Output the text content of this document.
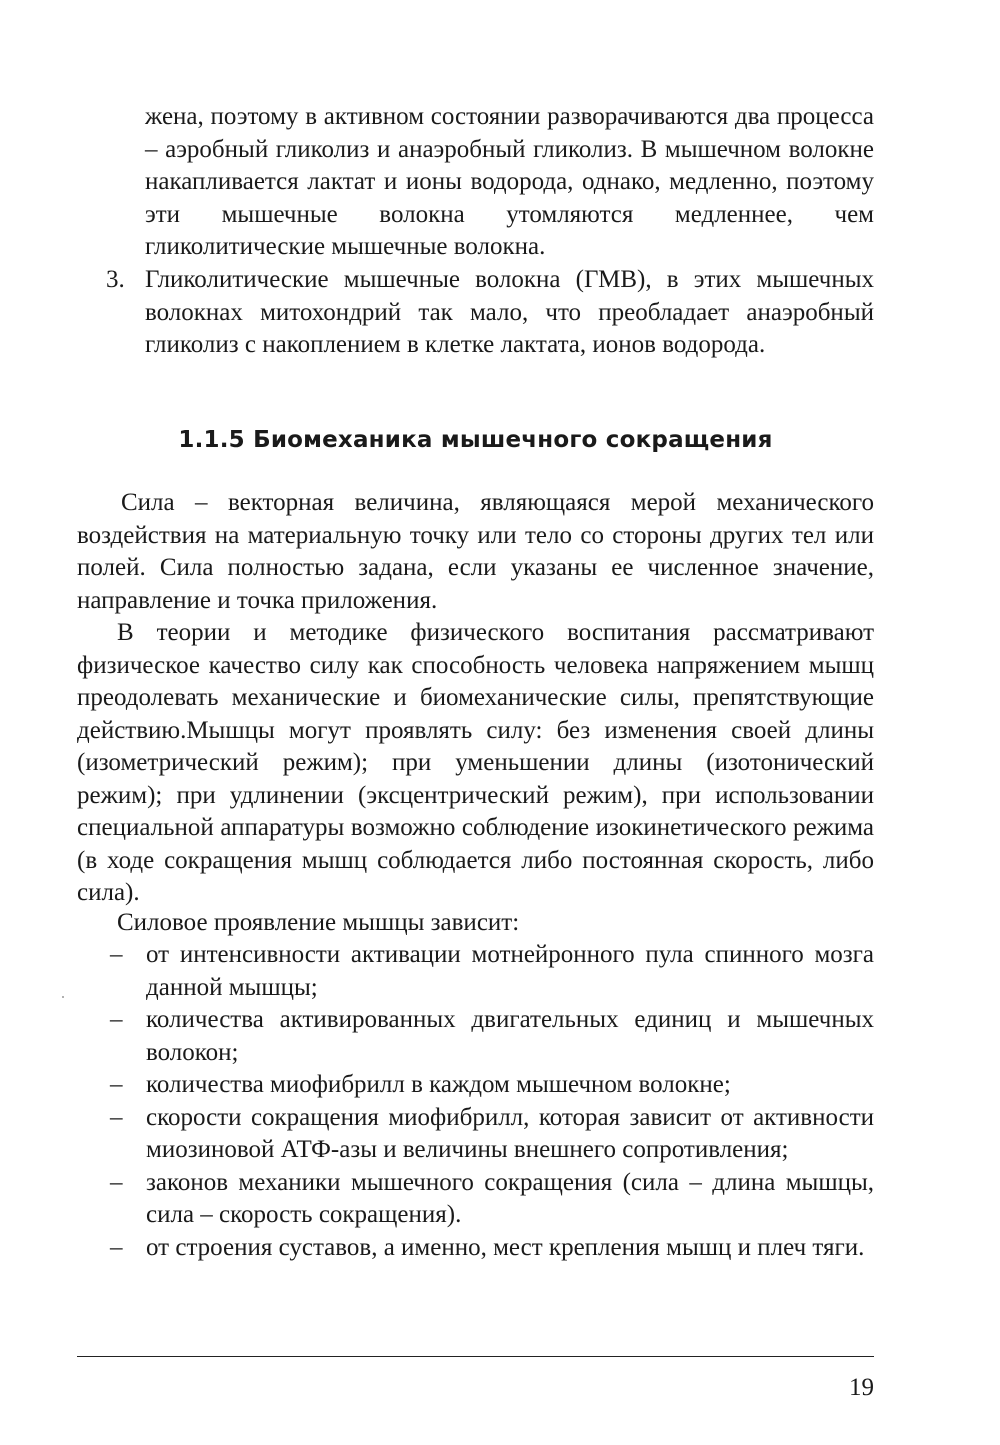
жена, поэтому в активном состоянии разворачиваются два процесса – аэробный гликолиз и анаэробный гликолиз. В мышечном волокне накапливается лактат и ионы водорода, однако, медленно, поэтому эти мышечные волокна утомляются медленнее, чем гликолитические мышечные волокна.
3. Гликолитические мышечные волокна (ГМВ), в этих мышечных волокнах митохондрий так мало, что преобладает анаэробный гликолиз с накоплением в клетке лактата, ионов водорода.
1.1.5 Биомеханика мышечного сокращения
Сила – векторная величина, являющаяся мерой механического воздействия на материальную точку или тело со стороны других тел или полей. Сила полностью задана, если указаны ее численное значение, направление и точка приложения.
В теории и методике физического воспитания рассматривают физическое качество силу как способность человека напряжением мышц преодолевать механические и биомеханические силы, препятствующие действию.Мышцы могут проявлять силу: без изменения своей длины (изометрический режим); при уменьшении длины (изотонический режим); при удлинении (эксцентрический режим), при использовании специальной аппаратуры возможно соблюдение изокинетического режима (в ходе сокращения мышц соблюдается либо постоянная скорость, либо сила).
Силовое проявление мышцы зависит:
– от интенсивности активации мотнейронного пула спинного мозга данной мышцы;
– количества активированных двигательных единиц и мышечных волокон;
– количества миофибрилл в каждом мышечном волокне;
– скорости сокращения миофибрилл, которая зависит от активности миозиновой АТФ-азы и величины внешнего сопротивления;
– законов механики мышечного сокращения (сила – длина мышцы, сила – скорость сокращения).
– от строения суставов, а именно, мест крепления мышц и плеч тяги.
19
